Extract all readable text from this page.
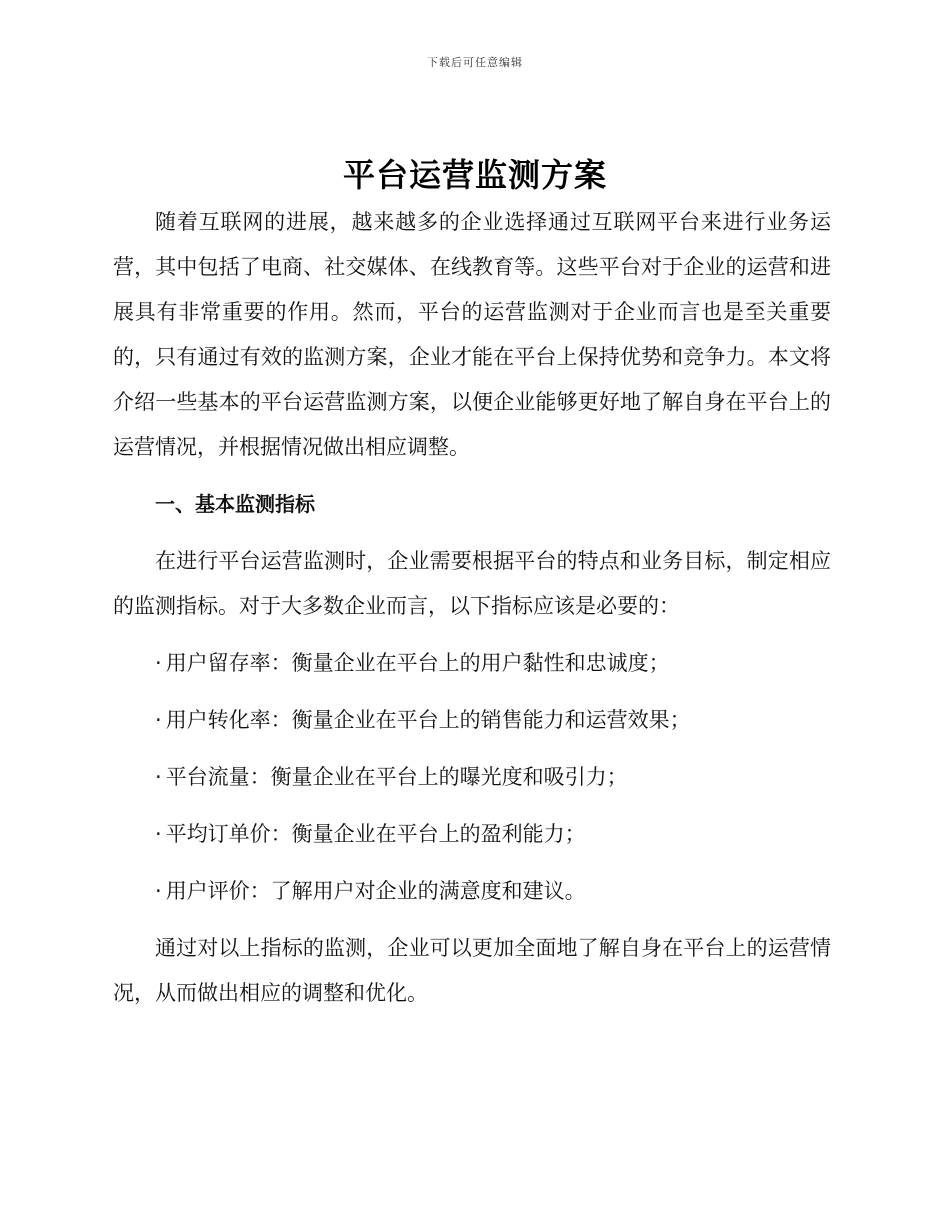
下载后可任意编辑
平台运营监测方案

随着互联网的进展，越来越多的企业选择通过互联网平台来进行业务运营，其中包括了电商、社交媒体、在线教育等。这些平台对于企业的运营和进展具有非常重要的作用。然而，平台的运营监测对于企业而言也是至关重要的，只有通过有效的监测方案，企业才能在平台上保持优势和竞争力。本文将介绍一些基本的平台运营监测方案，以便企业能够更好地了解自身在平台上的运营情况，并根据情况做出相应调整。

一、基本监测指标

在进行平台运营监测时，企业需要根据平台的特点和业务目标，制定相应的监测指标。对于大多数企业而言，以下指标应该是必要的：

· 用户留存率：衡量企业在平台上的用户黏性和忠诚度；
· 用户转化率：衡量企业在平台上的销售能力和运营效果；
· 平台流量：衡量企业在平台上的曝光度和吸引力；
· 平均订单价：衡量企业在平台上的盈利能力；
· 用户评价：了解用户对企业的满意度和建议。

通过对以上指标的监测，企业可以更加全面地了解自身在平台上的运营情况，从而做出相应的调整和优化。
